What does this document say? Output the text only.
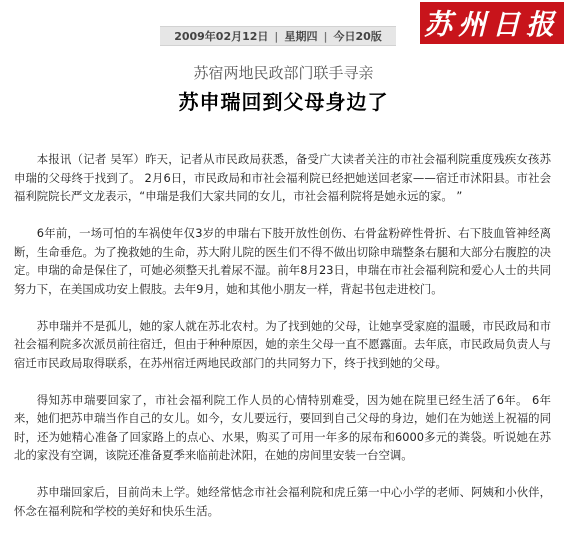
2009年02月12日 | 星期四 | 今日20版 苏州日报
苏宿两地民政部门联手寻亲
苏申瑞回到父母身边了

本报讯（记者 吴军）昨天，记者从市民政局获悉，备受广大读者关注的市社会福利院重度残疾女孩苏申瑞的父母终于找到了。 2月6日，市民政局和市社会福利院已经把她送回老家——宿迁市沭阳县。市社会福利院院长严文龙表示，“申瑞是我们大家共同的女儿，市社会福利院将是她永远的家。 ”

6年前，一场可怕的车祸使年仅3岁的申瑞右下肢开放性创伤、右骨盆粉碎性骨折、右下肢血管神经离断，生命垂危。为了挽救她的生命，苏大附儿院的医生们不得不做出切除申瑞整条右腿和大部分右腹腔的决定。申瑞的命是保住了，可她必须整天扎着尿不湿。前年8月23日，申瑞在市社会福利院和爱心人士的共同努力下，在美国成功安上假肢。去年9月，她和其他小朋友一样，背起书包走进校门。

苏申瑞并不是孤儿，她的家人就在苏北农村。为了找到她的父母，让她享受家庭的温暖，市民政局和市社会福利院多次派员前往宿迁，但由于种种原因，她的亲生父母一直不愿露面。去年底，市民政局负责人与宿迁市民政局取得联系，在苏州宿迁两地民政部门的共同努力下，终于找到她的父母。

得知苏申瑞要回家了，市社会福利院工作人员的心情特别难受，因为她在院里已经生活了6年。 6年来，她们把苏申瑞当作自己的女儿。如今，女儿要远行，要回到自己父母的身边，她们在为她送上祝福的同时，还为她精心准备了回家路上的点心、水果，购买了可用一年多的尿布和6000多元的粪袋。听说她在苏北的家没有空调，该院还准备夏季来临前赴沭阳，在她的房间里安装一台空调。

苏申瑞回家后，目前尚未上学。她经常惦念市社会福利院和虎丘第一中心小学的老师、阿姨和小伙伴，怀念在福利院和学校的美好和快乐生活。
